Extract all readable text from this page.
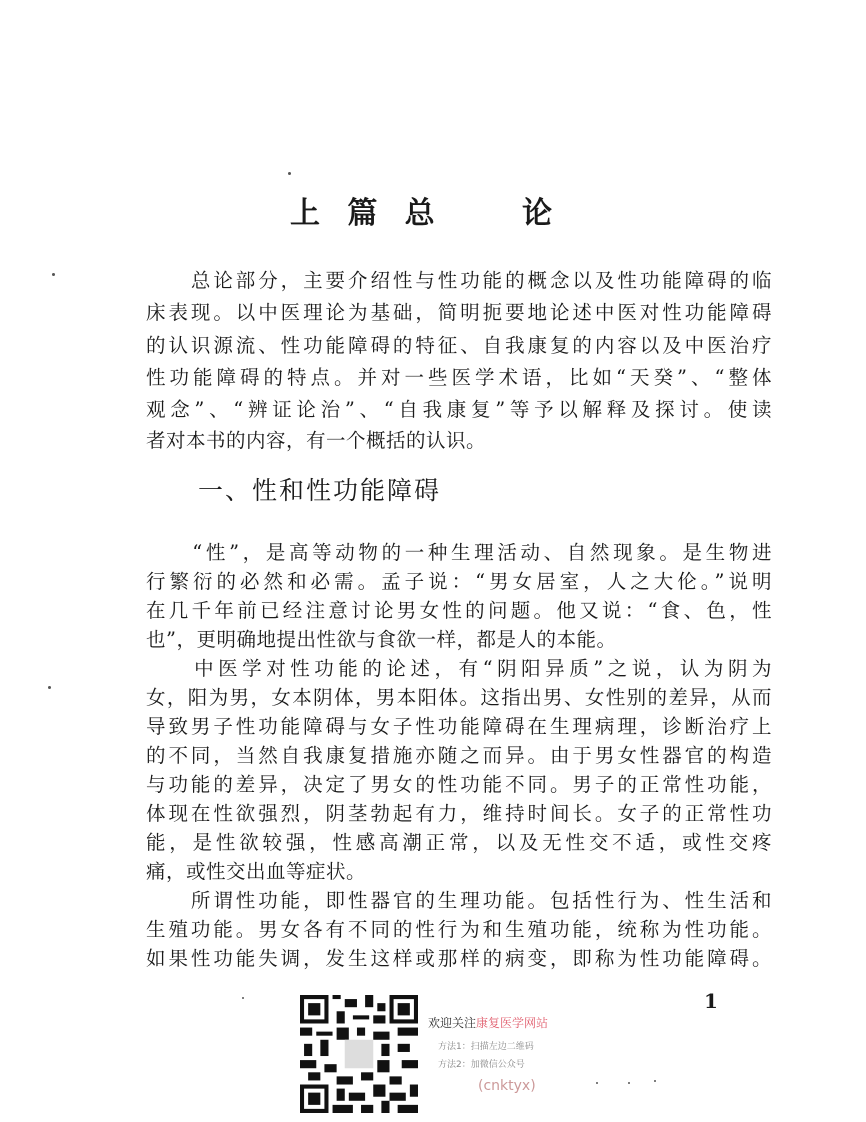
上 篇 总	论
　　总论部分，主要介绍性与性功能的概念以及性功能障碍的临
床表现。以中医理论为基础，简明扼要地论述中医对性功能障碍
的认识源流、性功能障碍的特征、自我康复的内容以及中医治疗
性功能障碍的特点。并对一些医学术语，比如“天癸”、“整体
观念”、“辨证论治”、“自我康复”等予以解释及探讨。使读
者对本书的内容，有一个概括的认识。
一、性和性功能障碍
　　“性”，是高等动物的一种生理活动、自然现象。是生物进
行繁衍的必然和必需。孟子说：“男女居室，人之大伦。”说明
在几千年前已经注意讨论男女性的问题。他又说：“食、色，性
也”，更明确地提出性欲与食欲一样，都是人的本能。
　　中医学对性功能的论述，有“阴阳异质”之说，认为阴为
女，阳为男，女本阴体，男本阳体。这指出男、女性别的差异，从而
导致男子性功能障碍与女子性功能障碍在生理病理，诊断治疗上
的不同，当然自我康复措施亦随之而异。由于男女性器官的构造
与功能的差异，决定了男女的性功能不同。男子的正常性功能，
体现在性欲强烈，阴茎勃起有力，维持时间长。女子的正常性功
能，是性欲较强，性感高潮正常，以及无性交不适，或性交疼
痛，或性交出血等症状。
　　所谓性功能，即性器官的生理功能。包括性行为、性生活和
生殖功能。男女各有不同的性行为和生殖功能，统称为性功能。
如果性功能失调，发生这样或那样的病变，即称为性功能障碍。
1
欢迎关注康复医学网站
方法1：扫描左边二维码
方法2：加微信公众号
(cnktyx)
